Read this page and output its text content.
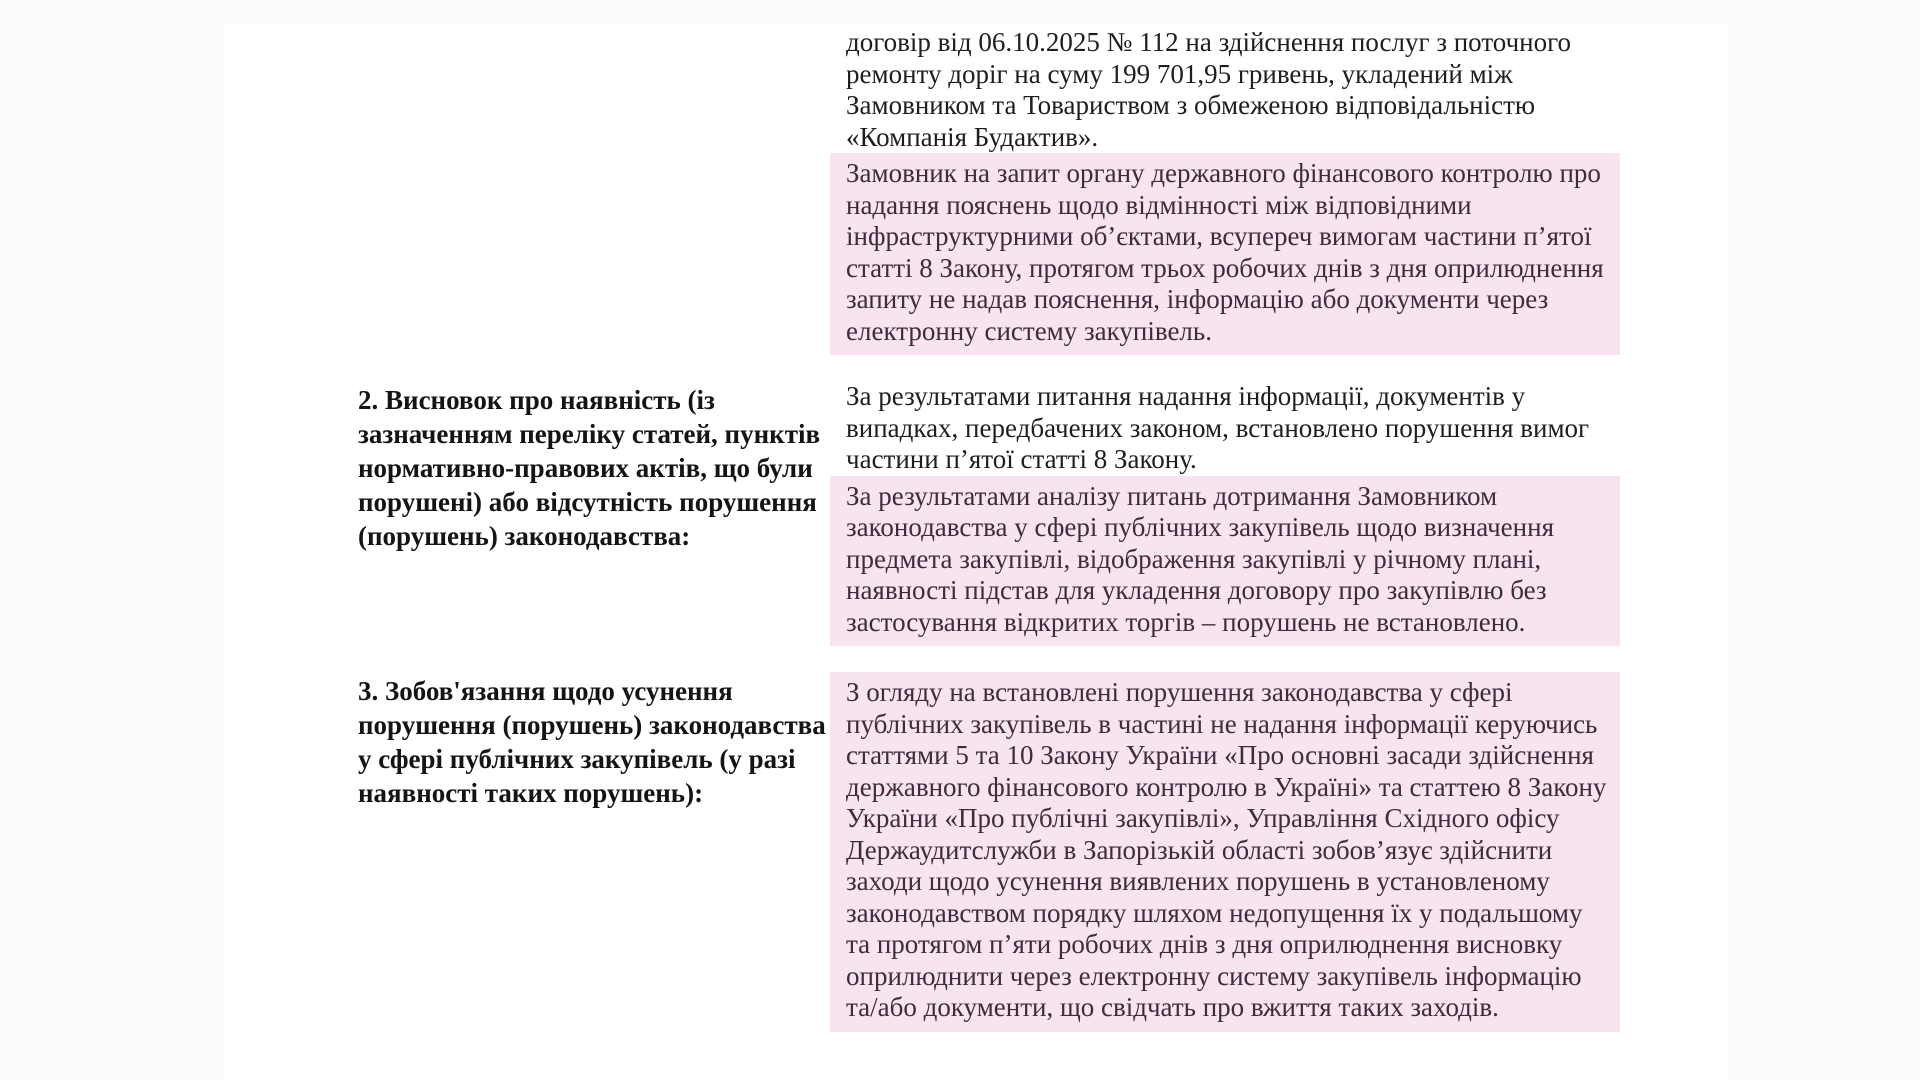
договір від 06.10.2025 № 112 на здійснення послуг з поточного ремонту доріг на суму 199 701,95 гривень, укладений між Замовником та Товариством з обмеженою відповідальністю «Компанія Будактив».

Замовник на запит органу державного фінансового контролю про надання пояснень щодо відмінності між відповідними інфраструктурними об’єктами, всупереч вимогам частини п’ятої статті 8 Закону, протягом трьох робочих днів з дня оприлюднення запиту не надав пояснення, інформацію або документи через електронну систему закупівель.

2. Висновок про наявність (із зазначенням переліку статей, пунктів нормативно-правових актів, що були порушені) або відсутність порушення (порушень) законодавства:

За результатами питання надання інформації, документів у випадках, передбачених законом, встановлено порушення вимог частини п’ятої статті 8 Закону.

За результатами аналізу питань дотримання Замовником законодавства у сфері публічних закупівель щодо визначення предмета закупівлі, відображення закупівлі у річному плані, наявності підстав для укладення договору про закупівлю без застосування відкритих торгів – порушень не встановлено.

3. Зобов'язання щодо усунення порушення (порушень) законодавства у сфері публічних закупівель (у разі наявності таких порушень):

З огляду на встановлені порушення законодавства у сфері публічних закупівель в частині не надання інформації керуючись статтями 5 та 10 Закону України «Про основні засади здійснення державного фінансового контролю в Україні» та статтею 8 Закону України «Про публічні закупівлі», Управління Східного офісу Держаудитслужби в Запорізькій області зобов’язує здійснити заходи щодо усунення виявлених порушень в установленому законодавством порядку шляхом недопущення їх у подальшому та протягом п’яти робочих днів з дня оприлюднення висновку оприлюднити через електронну систему закупівель інформацію та/або документи, що свідчать про вжиття таких заходів.
